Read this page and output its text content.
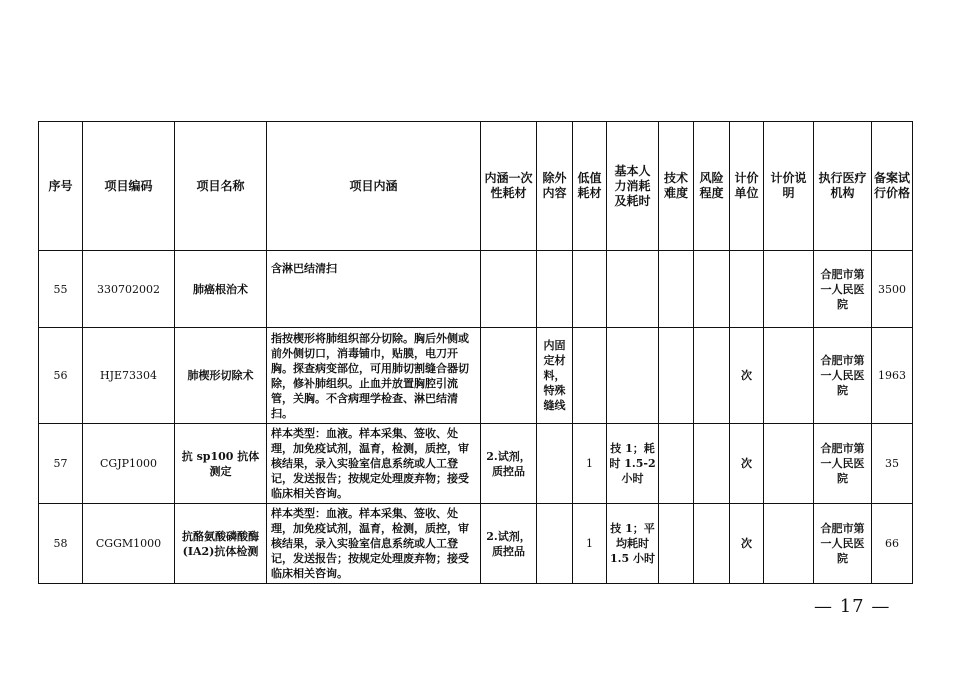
序号	项目编码	项目名称	项目内涵	内涵一次性耗材	除外内容	低值耗材	基本人力消耗及耗时	技术难度	风险程度	计价单位	计价说明	执行医疗机构	备案试行价格
55	330702002	肺癌根治术	含淋巴结清扫									合肥市第一人民医院	3500
56	HJE73304	肺楔形切除术	指按楔形将肺组织部分切除。胸后外侧或前外侧切口，消毒铺巾，贴膜，电刀开胸。探查病变部位，可用肺切割缝合器切除，修补肺组织。止血并放置胸腔引流管，关胸。不含病理学检查、淋巴结清扫。		内固定材料，特殊缝线					次		合肥市第一人民医院	1963
57	CGJP1000	抗 sp100 抗体测定	样本类型：血液。样本采集、签收、处理，加免疫试剂，温育，检测，质控，审核结果，录入实验室信息系统或人工登记，发送报告；按规定处理废弃物；接受临床相关咨询。	2.试剂，质控品		1	技 1；耗时 1.5-2 小时			次		合肥市第一人民医院	35
58	CGGM1000	抗酪氨酸磷酸酶(IA2)抗体检测	样本类型：血液。样本采集、签收、处理，加免疫试剂，温育，检测，质控，审核结果，录入实验室信息系统或人工登记，发送报告；按规定处理废弃物；接受临床相关咨询。	2.试剂，质控品		1	技 1；平均耗时 1.5 小时			次		合肥市第一人民医院	66
— 17 —
